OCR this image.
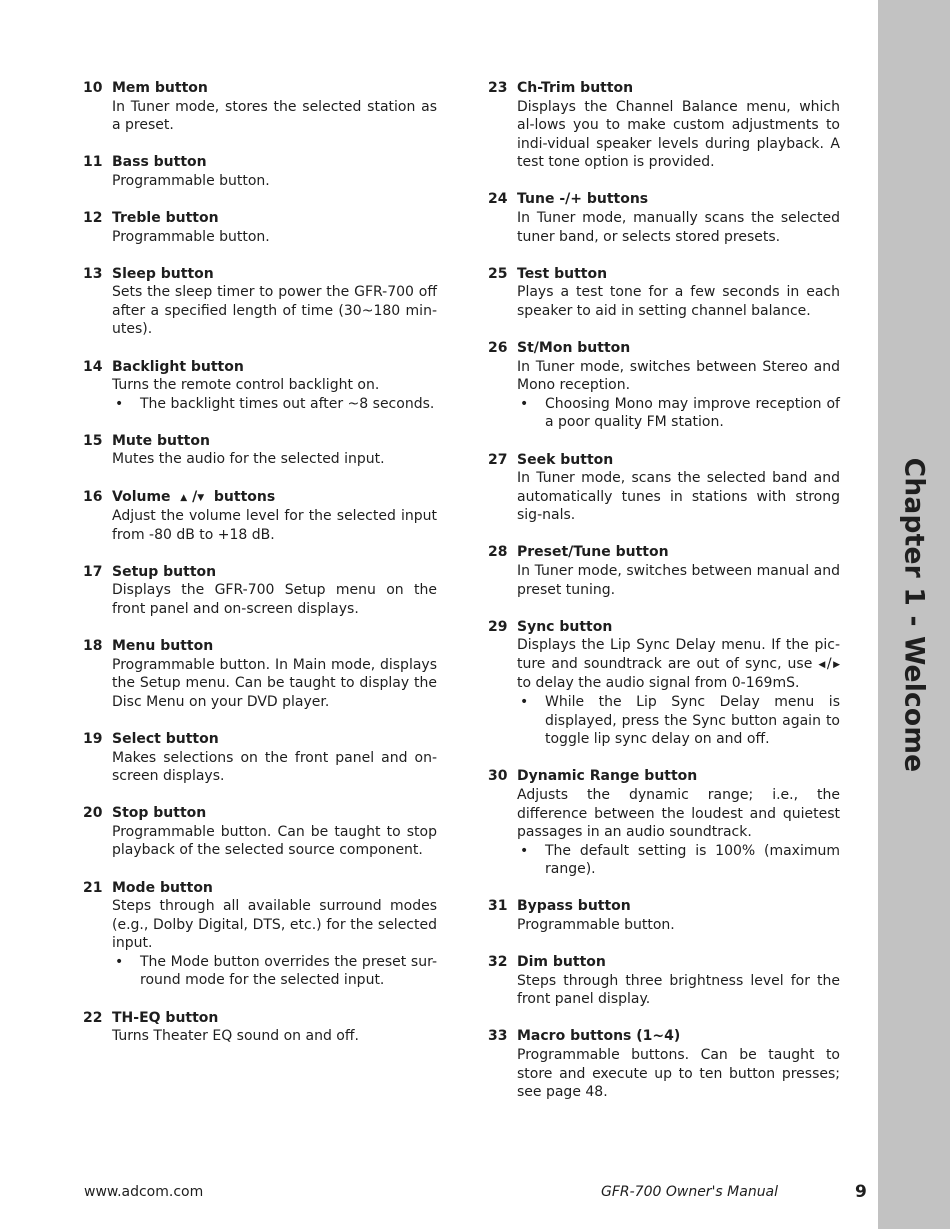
Chapter 1 - Welcome
10 Mem button
In Tuner mode, stores the selected station as a preset.
11 Bass button
Programmable button.
12 Treble button
Programmable button.
13 Sleep button
Sets the sleep timer to power the GFR-700 off after a specified length of time (30~180 min-utes).
14 Backlight button
Turns the remote control backlight on.
•	The backlight times out after ~8 seconds.
15 Mute button
Mutes the audio for the selected input.
16 Volume ▲ /▼ buttons
Adjust the volume level for the selected input from -80 dB to +18 dB.
17 Setup button
Displays the GFR-700 Setup menu on the front panel and on-screen displays.
18 Menu button
Programmable button. In Main mode, displays the Setup menu. Can be taught to display the Disc Menu on your DVD player.
19 Select button
Makes selections on the front panel and on-screen displays.
20 Stop button
Programmable button. Can be taught to stop playback of the selected source component.
21 Mode button
Steps through all available surround modes (e.g., Dolby Digital, DTS, etc.) for the selected input.
•	The Mode button overrides the preset sur-round mode for the selected input.
22 TH-EQ button
Turns Theater EQ sound on and off.
23 Ch-Trim button
Displays the Channel Balance menu, which al-lows you to make custom adjustments to indi-vidual speaker levels during playback. A test tone option is provided.
24 Tune -/+ buttons
In Tuner mode, manually scans the selected tuner band, or selects stored presets.
25 Test button
Plays a test tone for a few seconds in each speaker to aid in setting channel balance.
26 St/Mon button
In Tuner mode, switches between Stereo and Mono reception.
•	Choosing Mono may improve reception of a poor quality FM station.
27 Seek button
In Tuner mode, scans the selected band and automatically tunes in stations with strong sig-nals.
28 Preset/Tune button
In Tuner mode, switches between manual and preset tuning.
29 Sync button
Displays the Lip Sync Delay menu. If the pic-ture and soundtrack are out of sync, use ◀/▶ to delay the audio signal from 0-169mS.
•	While the Lip Sync Delay menu is displayed, press the Sync button again to toggle lip sync delay on and off.
30 Dynamic Range button
Adjusts the dynamic range; i.e., the difference between the loudest and quietest passages in an audio soundtrack.
•	The default setting is 100% (maximum range).
31 Bypass button
Programmable button.
32 Dim button
Steps through three brightness level for the front panel display.
33 Macro buttons (1~4)
Programmable buttons. Can be taught to store and execute up to ten button presses; see page 48.
www.adcom.com	GFR-700 Owner's Manual	9
